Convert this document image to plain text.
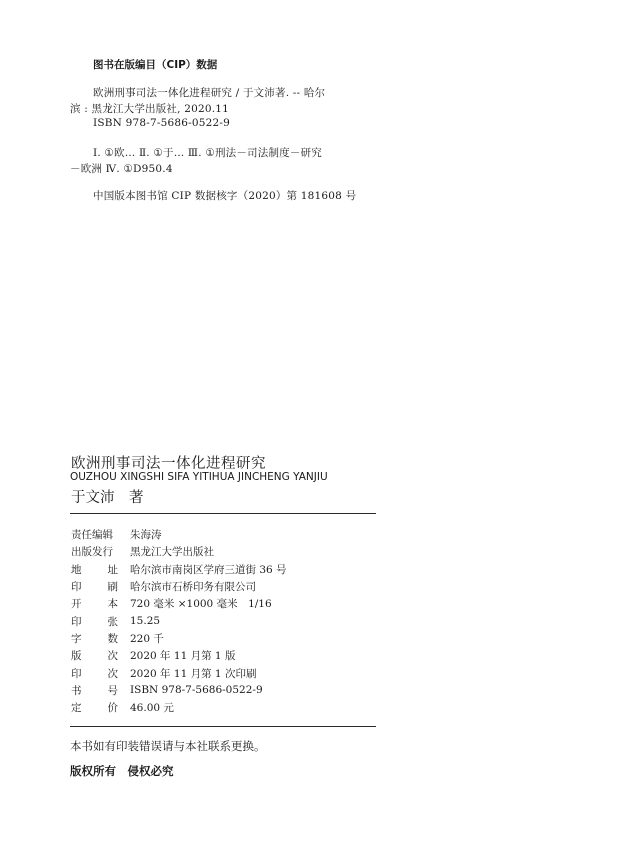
图书在版编目（CIP）数据
欧洲刑事司法一体化进程研究 / 于文沛著. -- 哈尔
滨 : 黑龙江大学出版社, 2020.11
ISBN 978-7-5686-0522-9
Ⅰ. ①欧… Ⅱ. ①于… Ⅲ. ①刑法－司法制度－研究
－欧洲 Ⅳ. ①D950.4
中国版本图书馆 CIP 数据核字（2020）第 181608 号
欧洲刑事司法一体化进程研究
OUZHOU XINGSHI SIFA YITIHUA JINCHENG YANJIU
于文沛　著
责任编辑 朱海涛
出版发行 黑龙江大学出版社
地 址 哈尔滨市南岗区学府三道街 36 号
印 刷 哈尔滨市石桥印务有限公司
开 本 720 毫米 ×1000 毫米　1/16
印 张 15.25
字 数 220 千
版 次 2020 年 11 月第 1 版
印 次 2020 年 11 月第 1 次印刷
书 号 ISBN 978-7-5686-0522-9
定 价 46.00 元
本书如有印装错误请与本社联系更换。
版权所有　侵权必究
